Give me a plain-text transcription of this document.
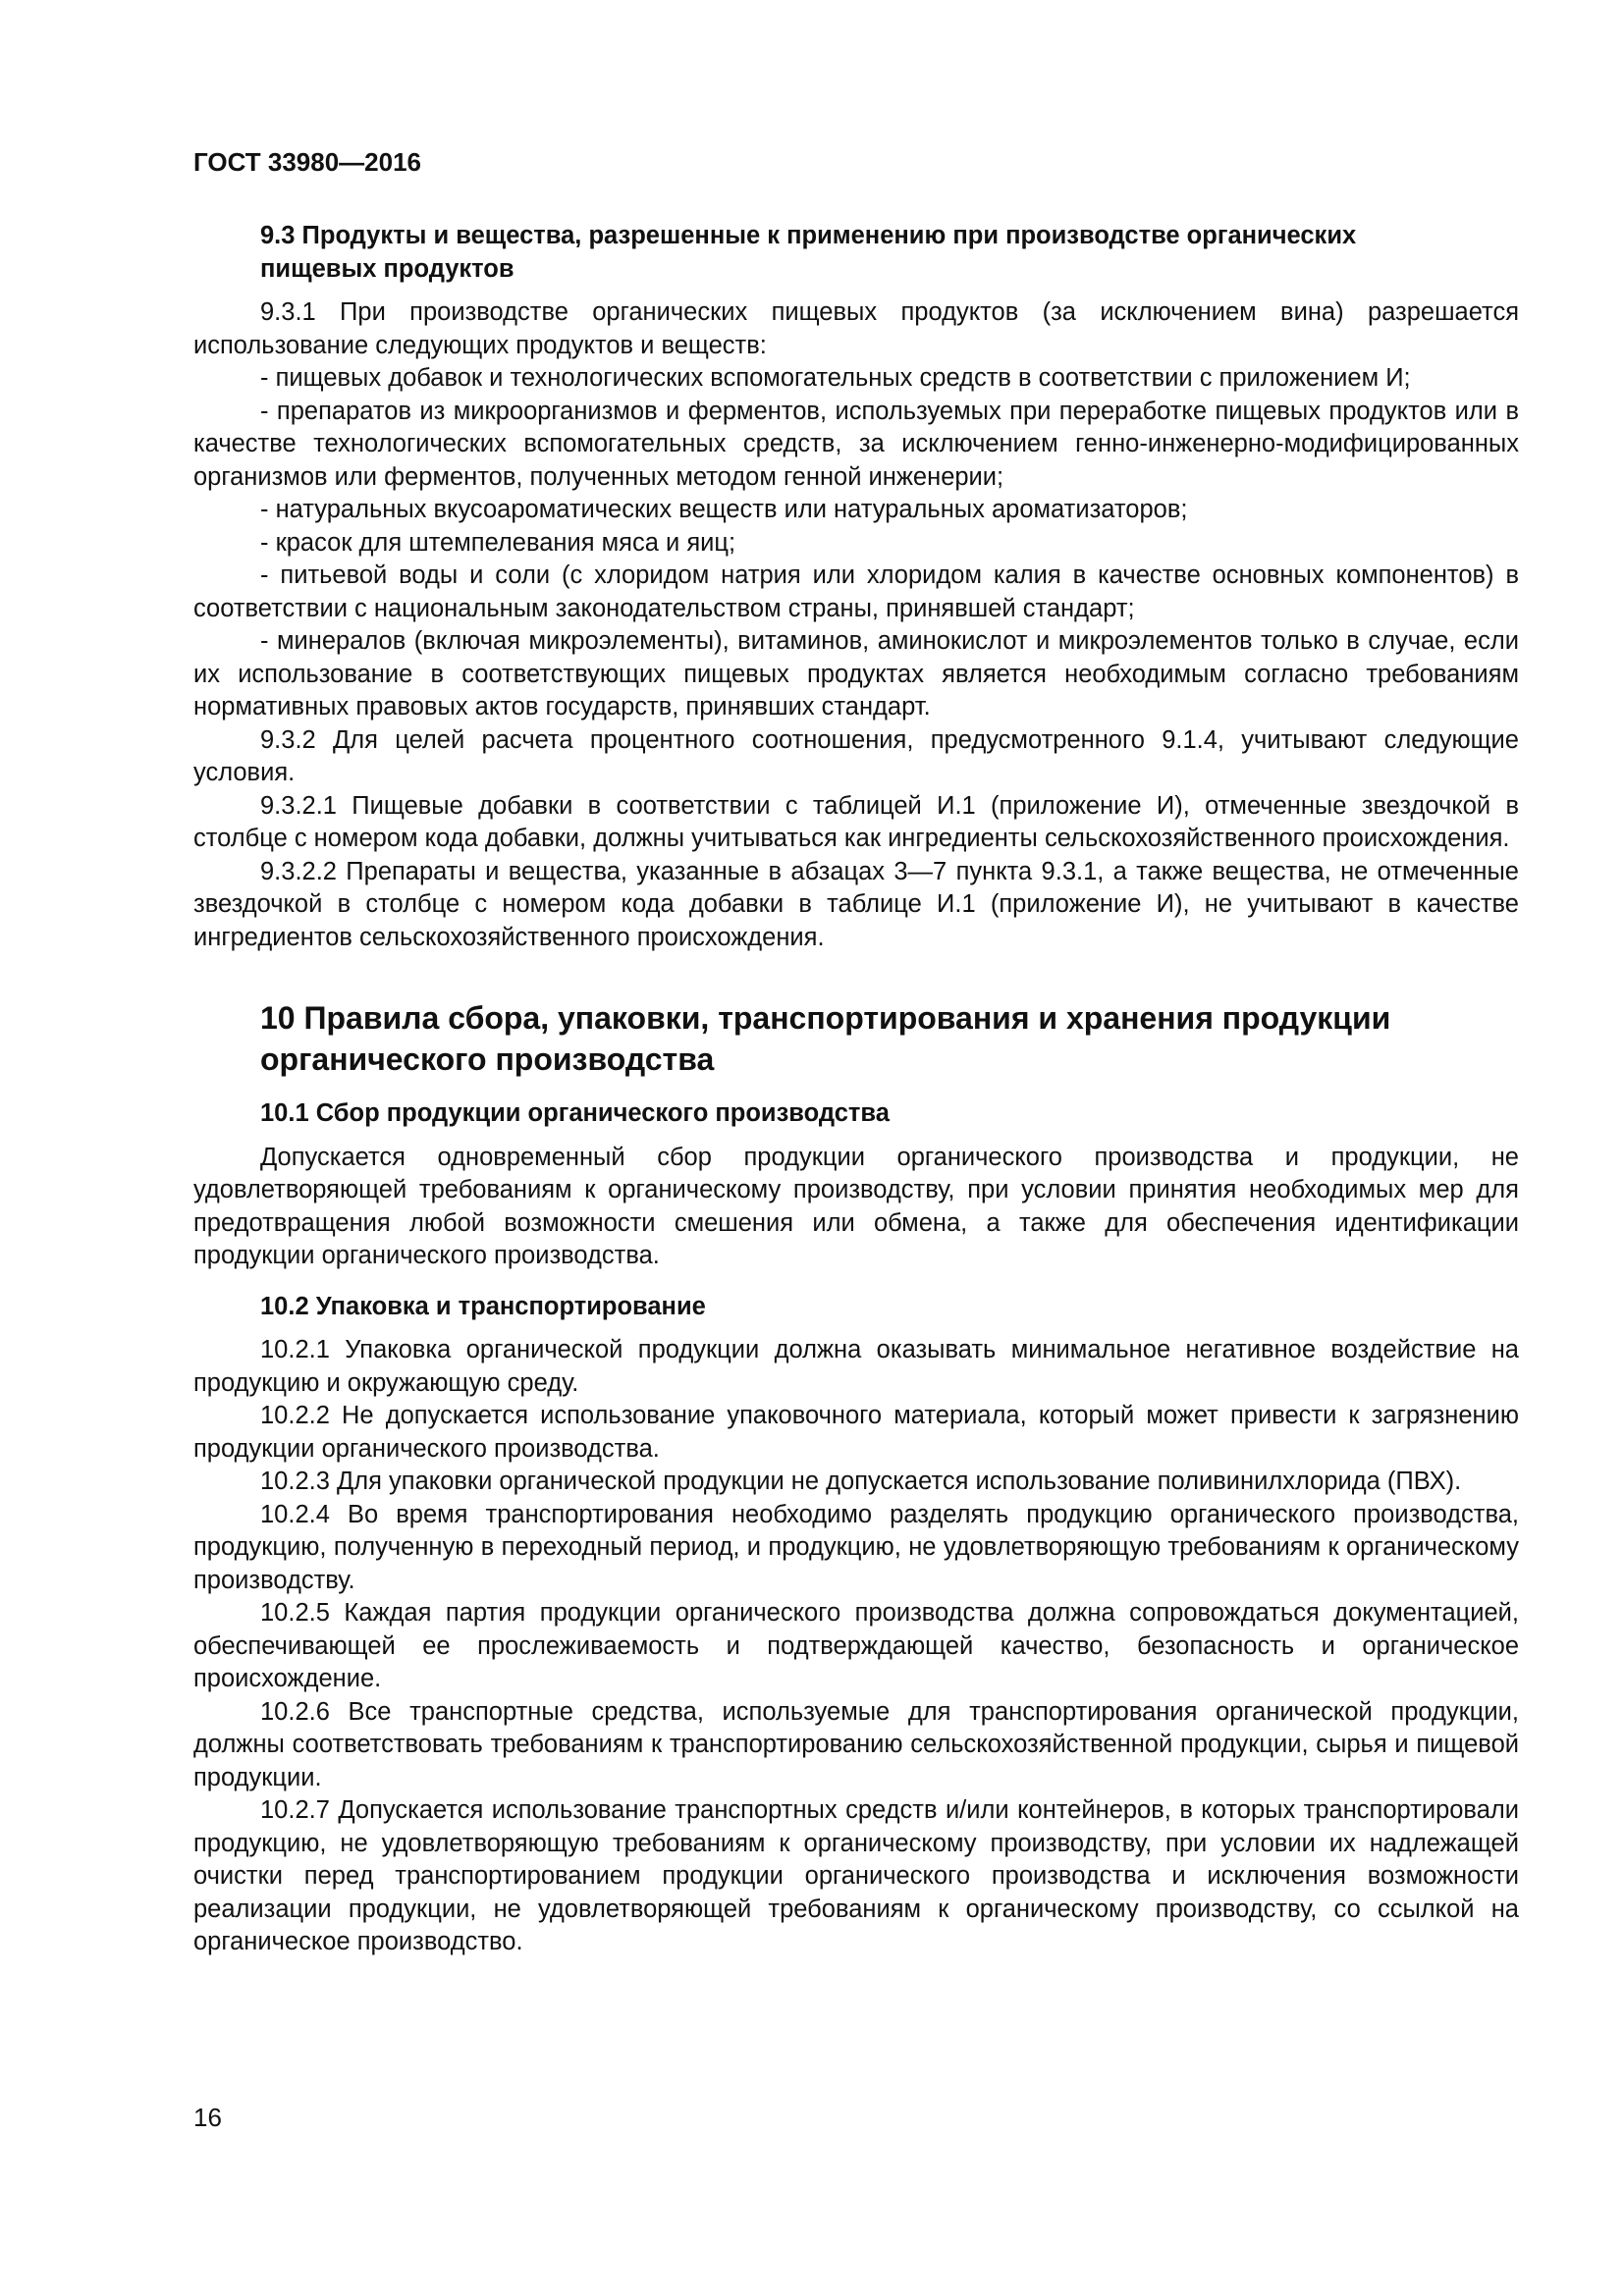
ГОСТ 33980—2016
9.3 Продукты и вещества, разрешенные к применению при производстве органических
пищевых продуктов

9.3.1 При производстве органических пищевых продуктов (за исключением вина) разрешается использование следующих продуктов и веществ:

- пищевых добавок и технологических вспомогательных средств в соответствии с приложением И;

- препаратов из микроорганизмов и ферментов, используемых при переработке пищевых продуктов или в качестве технологических вспомогательных средств, за исключением генно-инженерно-модифицированных организмов или ферментов, полученных методом генной инженерии;

- натуральных вкусоароматических веществ или натуральных ароматизаторов;

- красок для штемпелевания мяса и яиц;

- питьевой воды и соли (с хлоридом натрия или хлоридом калия в качестве основных компонентов) в соответствии с национальным законодательством страны, принявшей стандарт;

- минералов (включая микроэлементы), витаминов, аминокислот и микроэлементов только в случае, если их использование в соответствующих пищевых продуктах является необходимым согласно требованиям нормативных правовых актов государств, принявших стандарт.

9.3.2 Для целей расчета процентного соотношения, предусмотренного 9.1.4, учитывают следующие условия.

9.3.2.1 Пищевые добавки в соответствии с таблицей И.1 (приложение И), отмеченные звездочкой в столбце с номером кода добавки, должны учитываться как ингредиенты сельскохозяйственного происхождения.

9.3.2.2 Препараты и вещества, указанные в абзацах 3—7 пункта 9.3.1, а также вещества, не отмеченные звездочкой в столбце с номером кода добавки в таблице И.1 (приложение И), не учитывают в качестве ингредиентов сельскохозяйственного происхождения.

10 Правила сбора, упаковки, транспортирования и хранения продукции
органического производства
10.1 Сбор продукции органического производства

Допускается одновременный сбор продукции органического производства и продукции, не удовлетворяющей требованиям к органическому производству, при условии принятия необходимых мер для предотвращения любой возможности смешения или обмена, а также для обеспечения идентификации продукции органического производства.

10.2 Упаковка и транспортирование

10.2.1 Упаковка органической продукции должна оказывать минимальное негативное воздействие на продукцию и окружающую среду.

10.2.2 Не допускается использование упаковочного материала, который может привести к загрязнению продукции органического производства.

10.2.3 Для упаковки органической продукции не допускается использование поливинилхлорида (ПВХ).

10.2.4 Во время транспортирования необходимо разделять продукцию органического производства, продукцию, полученную в переходный период, и продукцию, не удовлетворяющую требованиям к органическому производству.

10.2.5 Каждая партия продукции органического производства должна сопровождаться документацией, обеспечивающей ее прослеживаемость и подтверждающей качество, безопасность и органическое происхождение.

10.2.6 Все транспортные средства, используемые для транспортирования органической продукции, должны соответствовать требованиям к транспортированию сельскохозяйственной продукции, сырья и пищевой продукции.

10.2.7 Допускается использование транспортных средств и/или контейнеров, в которых транспортировали продукцию, не удовлетворяющую требованиям к органическому производству, при условии их надлежащей очистки перед транспортированием продукции органического производства и исключения возможности реализации продукции, не удовлетворяющей требованиям к органическому производству, со ссылкой на органическое производство.

16
